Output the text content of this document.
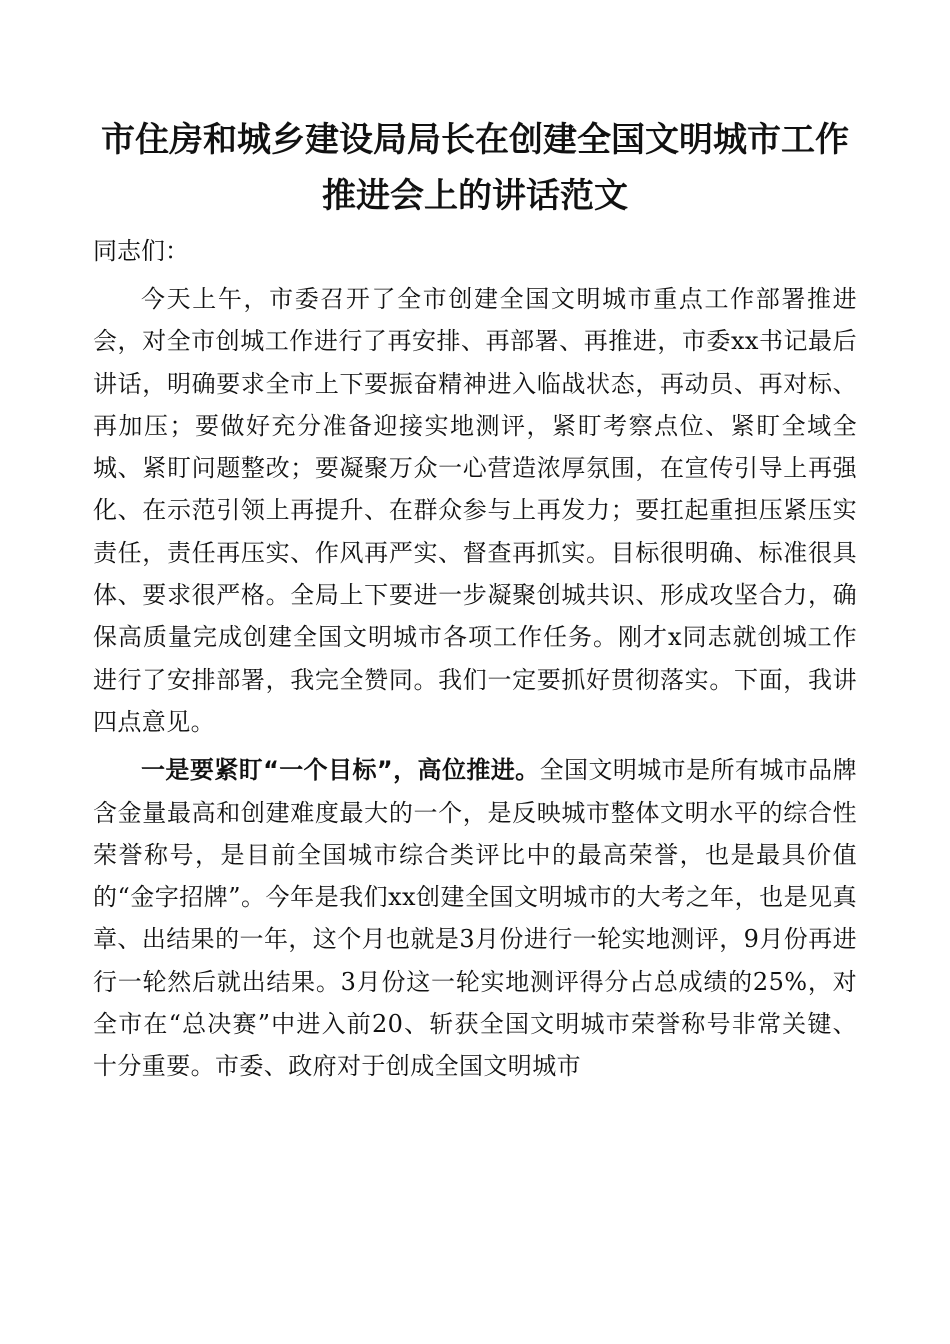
市住房和城乡建设局局长在创建全国文明城市工作推进会上的讲话范文

同志们：

今天上午，市委召开了全市创建全国文明城市重点工作部署推进会，对全市创城工作进行了再安排、再部署、再推进，市委xx书记最后讲话，明确要求全市上下要振奋精神进入临战状态，再动员、再对标、再加压；要做好充分准备迎接实地测评，紧盯考察点位、紧盯全域全城、紧盯问题整改；要凝聚万众一心营造浓厚氛围，在宣传引导上再强化、在示范引领上再提升、在群众参与上再发力；要扛起重担压紧压实责任，责任再压实、作风再严实、督查再抓实。目标很明确、标准很具体、要求很严格。全局上下要进一步凝聚创城共识、形成攻坚合力，确保高质量完成创建全国文明城市各项工作任务。刚才x同志就创城工作进行了安排部署，我完全赞同。我们一定要抓好贯彻落实。下面，我讲四点意见。

一是要紧盯“一个目标”，高位推进。全国文明城市是所有城市品牌含金量最高和创建难度最大的一个，是反映城市整体文明水平的综合性荣誉称号，是目前全国城市综合类评比中的最高荣誉，也是最具价值的“金字招牌”。今年是我们xx创建全国文明城市的大考之年，也是见真章、出结果的一年，这个月也就是3月份进行一轮实地测评，9月份再进行一轮然后就出结果。3月份这一轮实地测评得分占总成绩的25%，对全市在“总决赛”中进入前20、斩获全国文明城市荣誉称号非常关键、十分重要。市委、政府对于创成全国文明城市
